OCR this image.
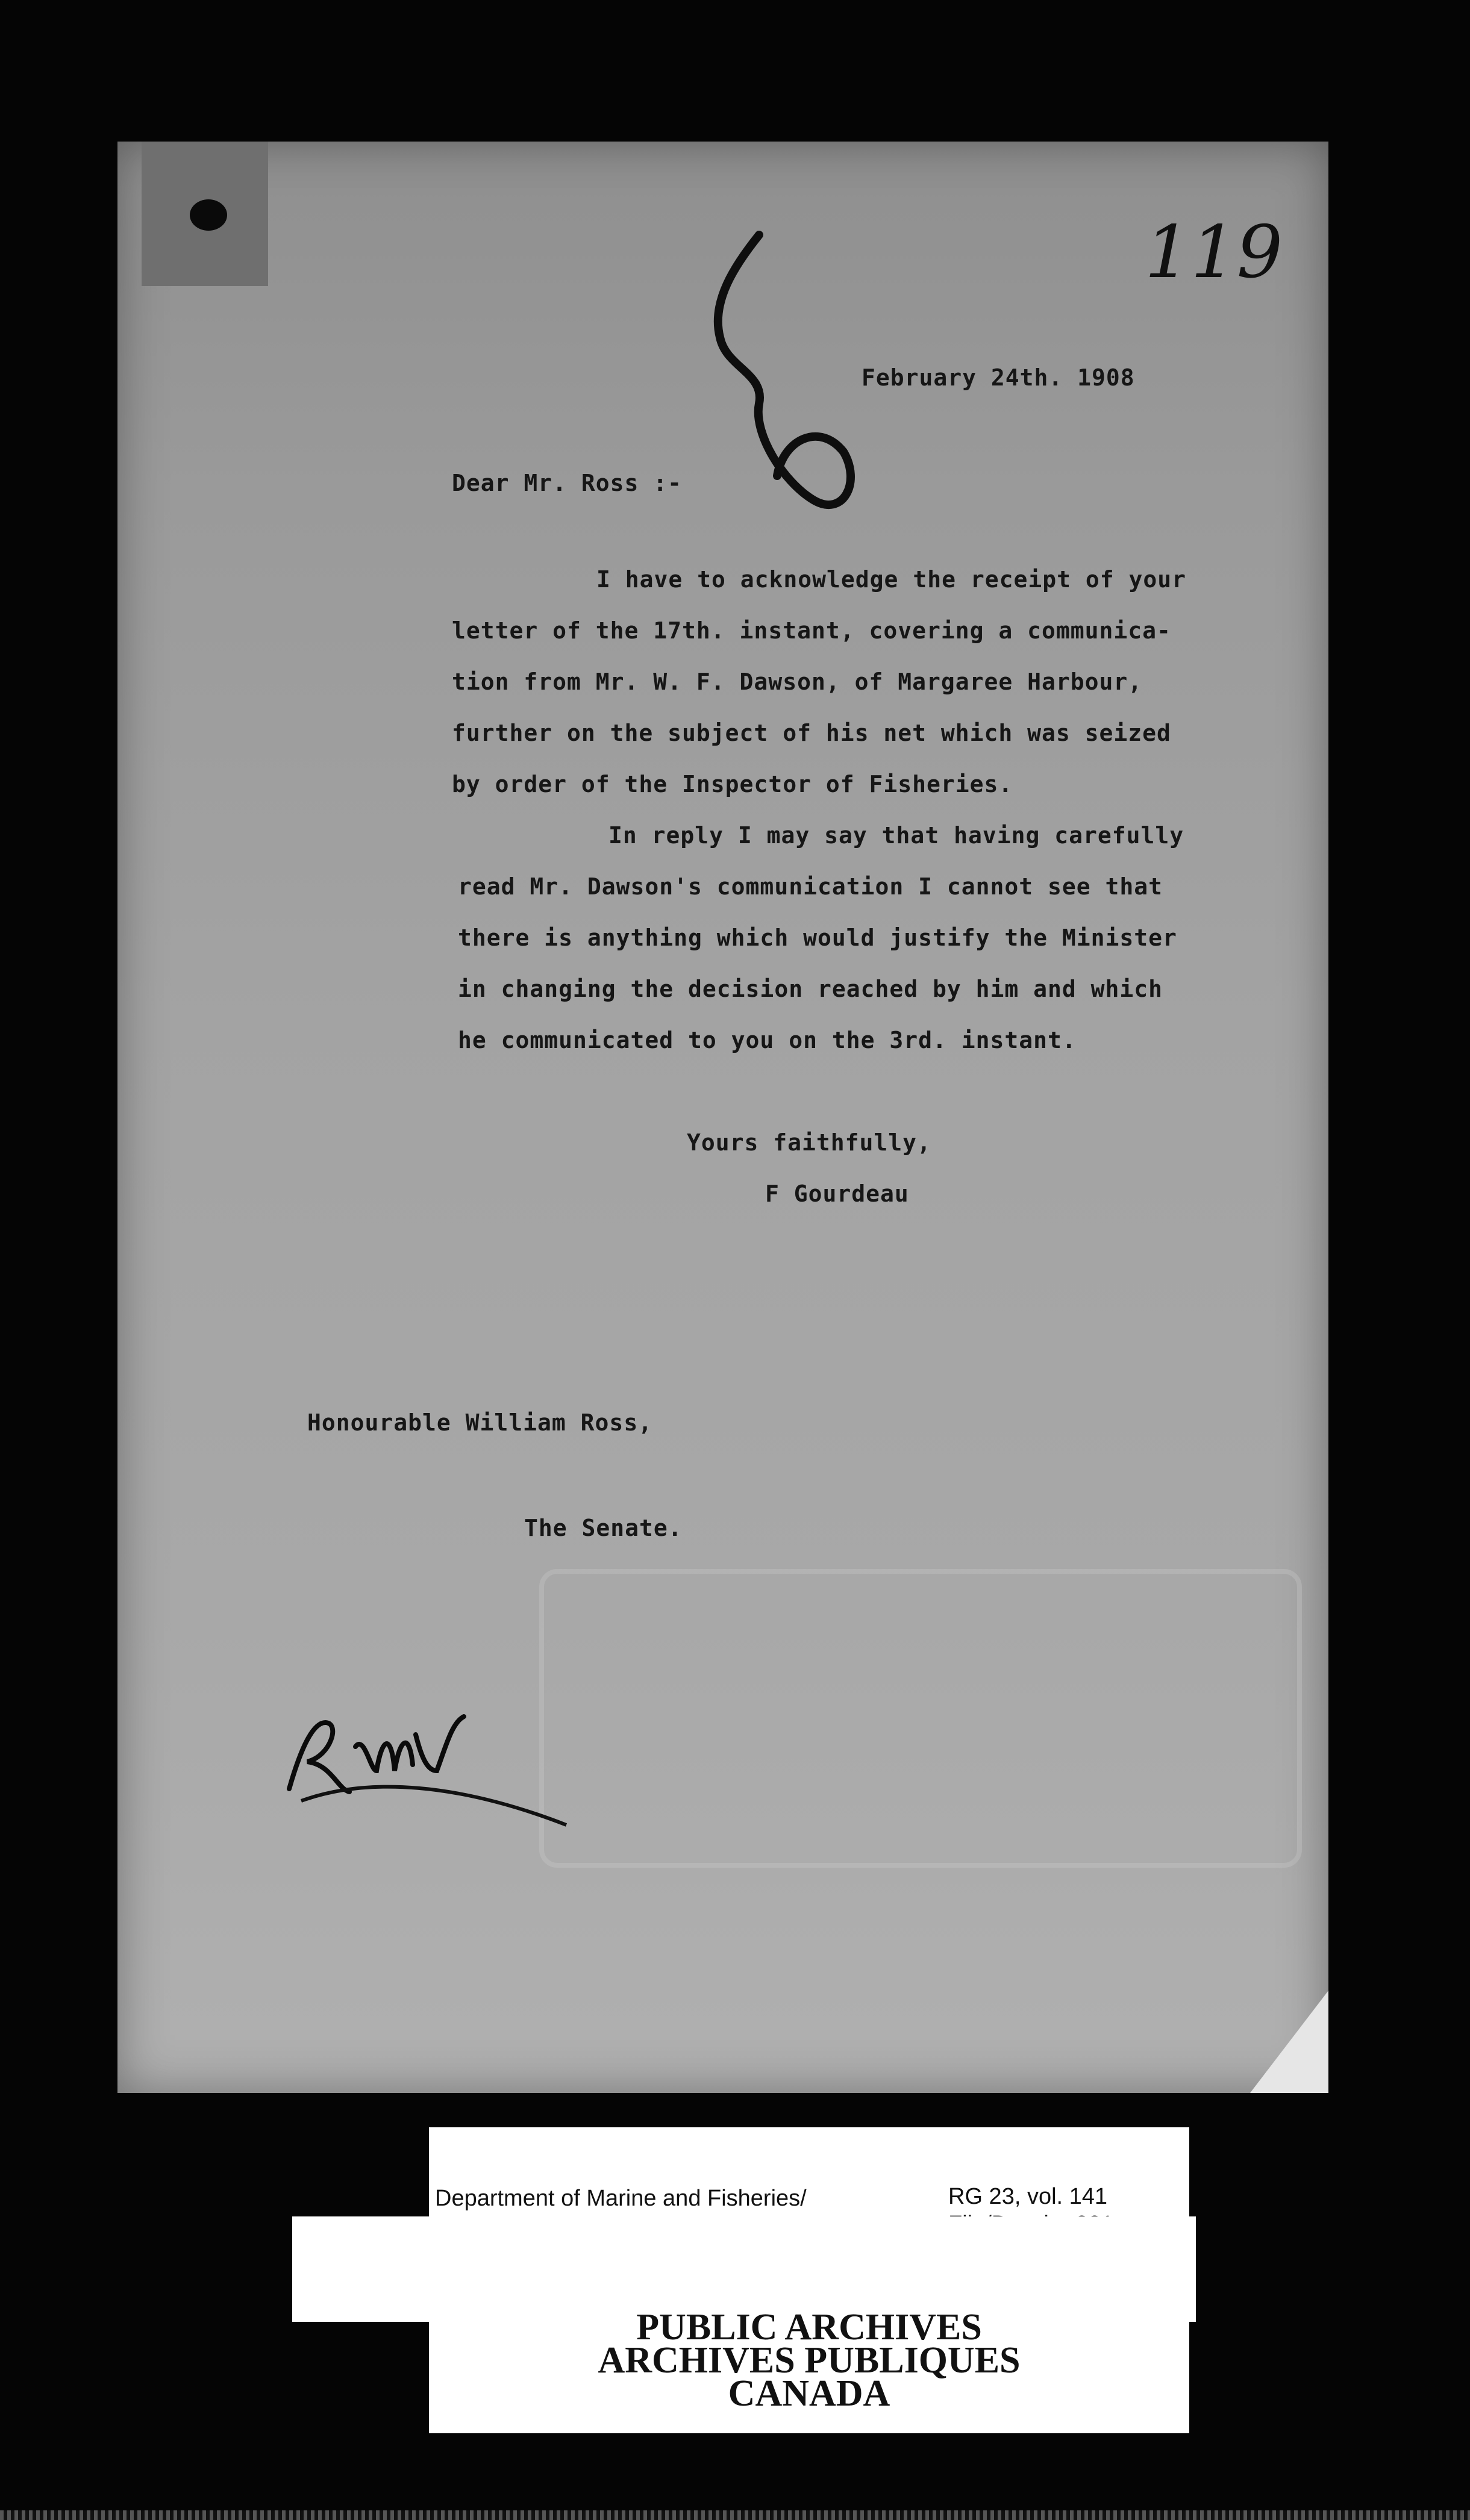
119
February 24th. 1908
Dear Mr. Ross :-
I have to acknowledge the receipt of your
letter of the 17th. instant, covering a communica-
tion from Mr. W. F. Dawson, of Margaree Harbour,
further on the subject of his net which was seized
by order of the Inspector of Fisheries.
In reply I may say that having carefully
read Mr. Dawson's communication I cannot see that
there is anything which would justify the Minister
in changing the decision reached by him and which
he communicated to you on the 3rd. instant.
Yours faithfully,
F Gourdeau
Honourable William Ross,
The Senate.
Department of Marine and Fisheries/	RG 23, vol. 141
PUBLIC ARCHIVES
ARCHIVES PUBLIQUES
CANADA
